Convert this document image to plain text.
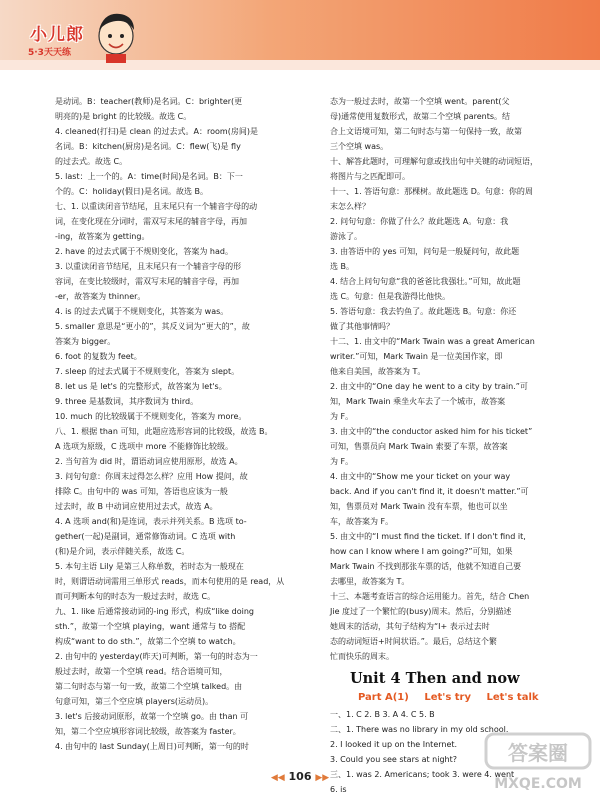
小儿郎
5·3天天练
是动词。B：teacher(教师)是名词。C：brighter(更
明亮的)是 bright 的比较级。故选 C。
4. cleaned(打扫)是 clean 的过去式。A：room(房间)是
名词。B：kitchen(厨房)是名词。C：flew(飞)是 fly
的过去式。故选 C。
5. last：上一个的。A：time(时间)是名词。B：下一
个的。C：holiday(假日)是名词。故选 B。
七、1. 以重读闭音节结尾，且末尾只有一个辅音字母的动
词，在变化现在分词时，需双写末尾的辅音字母，再加
-ing，故答案为 getting。
2. have 的过去式属于不规则变化，答案为 had。
3. 以重读闭音节结尾，且末尾只有一个辅音字母的形
容词，在变比较级时，需双写末尾的辅音字母，再加
-er，故答案为 thinner。
4. is 的过去式属于不规则变化，其答案为 was。
5. smaller 意思是“更小的”，其反义词为“更大的”，故
答案为 bigger。
6. foot 的复数为 feet。
7. sleep 的过去式属于不规则变化，答案为 slept。
8. let us 是 let's 的完整形式，故答案为 let's。
9. three 是基数词，其序数词为 third。
10. much 的比较级属于不规则变化，答案为 more。
八、1. 根据 than 可知，此题应选形容词的比较级，故选 B。
A 选项为原级，C 选项中 more 不能修饰比较级。
2. 当句首为 did 时，谓语动词应使用原形，故选 A。
3. 问句句意：你周末过得怎么样？应用 How 提问，故
排除 C。由句中的 was 可知，答语也应该为一般
过去时，故 B 中动词应使用过去式，故选 A。
4. A 选项 and(和)是连词，表示并列关系。B 选项 to-
gether(一起)是副词，通常修饰动词。C 选项 with
(和)是介词，表示伴随关系，故选 C。
5. 本句主语 Lily 是第三人称单数，若时态为一般现在
时，则谓语动词需用三单形式 reads，而本句使用的是 read，从
而可判断本句的时态为一般过去时，故选 C。
九、1. like 后通常接动词的-ing 形式，构成“like doing
sth.”，故第一个空填 playing，want 通常与 to 搭配
构成“want to do sth.”，故第二个空填 to watch。
2. 由句中的 yesterday(昨天)可判断，第一句的时态为一
般过去时，故第一个空填 read。结合语境可知，
第二句时态与第一句一致，故第二个空填 talked。由
句意可知，第三个空应填 players(运动员)。
3. let's 后接动词原形，故第一个空填 go。由 than 可
知，第二个空应填形容词比较级，故答案为 faster。
4. 由句中的 last Sunday(上周日)可判断，第一句的时
态为一般过去时，故第一个空填 went。parent(父
母)通常使用复数形式，故第二个空填 parents。结
合上文语境可知，第二句时态与第一句保持一致，故第
三个空填 was。
十、解答此题时，可理解句意或找出句中关键的动词短语，
将图片与之匹配即可。
十一、1. 答语句意：那棵树。故此题选 D。句意：你的周
末怎么样？
2. 问句句意：你做了什么？故此题选 A。句意：我
游泳了。
3. 由答语中的 yes 可知，问句是一般疑问句，故此题
选 B。
4. 结合上问句句意“我的爸爸比我强壮。”可知，故此题
选 C。句意：但是我游得比他快。
5. 答语句意：我去钓鱼了。故此题选 B。句意：你还
做了其他事情吗？
十二、1. 由文中的“Mark Twain was a great American
writer.”可知，Mark Twain 是一位美国作家，即
他来自美国，故答案为 T。
2. 由文中的“One day he went to a city by train.”可
知，Mark Twain 乘坐火车去了一个城市，故答案
为 F。
3. 由文中的“the conductor asked him for his ticket”
可知，售票员向 Mark Twain 索要了车票，故答案
为 F。
4. 由文中的“Show me your ticket on your way
back. And if you can't find it, it doesn't matter.”可
知，售票员对 Mark Twain 没有车票，他也可以坐
车，故答案为 F。
5. 由文中的“I must find the ticket. If I don't find it,
how can I know where I am going?”可知，如果
Mark Twain 不找到那张车票的话，他就不知道自己要
去哪里，故答案为 T。
十三、本题考查语言的综合运用能力。首先，结合 Chen
Jie 度过了一个繁忙的(busy)周末。然后，分别描述
她周末的活动，其句子结构为“I+ 表示过去时
态的动词短语+时间状语。”。最后，总结这个繁
忙而快乐的周末。
Unit 4 Then and now
Part A(1) Let's try Let's talk
一、1. C 2. B 3. A 4. C 5. B
二、1. There was no library in my old school.
2. I looked it up on the Internet.
3. Could you see stars at night?
三、1. was 2. Americans; took 3. were 4. went
6. is
◀◀ 106 ▶▶
答案圈
MXQE.COM
